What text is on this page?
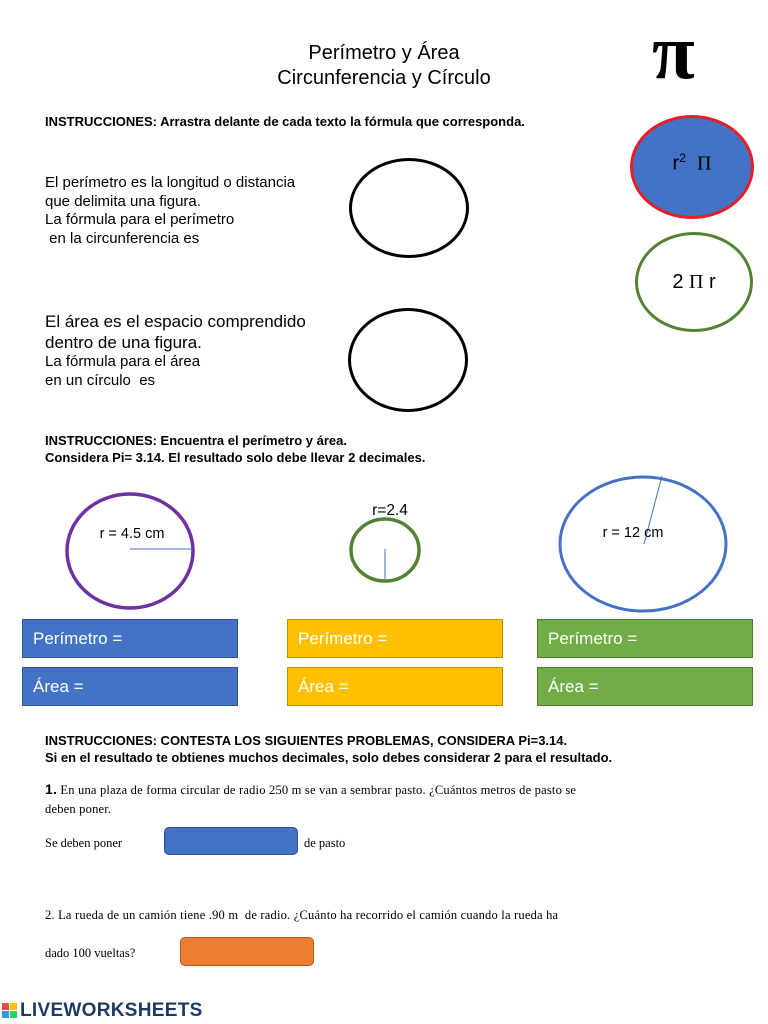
Perímetro y Área
Circunferencia y Círculo	π
INSTRUCCIONES: Arrastra delante de cada texto la fórmula que corresponda.
El perímetro es la longitud o distancia
que delimita una figura.
La fórmula para el perímetro
en la circunferencia es
El área es el espacio comprendido
dentro de una figura.
La fórmula para el área
en un círculo  es
$r^2$ Π
2 Π r
INSTRUCCIONES: Encuentra el perímetro y área.
Considera Pi= 3.14. El resultado solo debe llevar 2 decimales.
r = 4.5 cm
r=2.4
r = 12 cm
Perímetro =
Área =
Perímetro =
Área =
Perímetro =
Área =
INSTRUCCIONES: CONTESTA LOS SIGUIENTES PROBLEMAS, CONSIDERA Pi=3.14.
Si en el resultado te obtienes muchos decimales, solo debes considerar 2 para el resultado.
1. En una plaza de forma circular de radio 250 m se van a sembrar pasto. ¿Cuántos metros de pasto se
deben poner.
Se deben poner	de pasto
2. La rueda de un camión tiene .90 m  de radio. ¿Cuánto ha recorrido el camión cuando la rueda ha
dado 100 vueltas?
LIVEWORKSHEETS
